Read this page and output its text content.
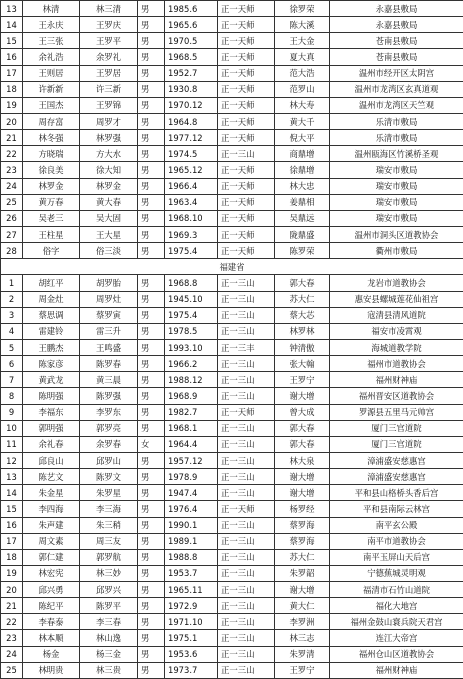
13	林清	林三清	男	1985.6	正一天师	徐罗荣	永嘉县敷局
14	王永庆	王罗庆	男	1965.6	正一天师	陈大溪	永嘉县敷局
15	王三张	王罗平	男	1970.5	正一天师	王大金	苍南县敷局
16	余礼浩	余罗礼	男	1968.5	正一天师	夏大真	苍南县敷局
17	王则居	王罗居	男	1952.7	正一天师	范大浩	温州市经开区太阴宫
18	许新新	许三新	男	1930.8	正一天师	范罗山	温州市龙湾区玄真道观
19	王国杰	王罗锦	男	1970.12	正一天师	林大寿	温州市龙湾区天竺观
20	周存富	周罗才	男	1964.8	正一天师	黄大千	乐清市敷局
21	林冬强	林罗强	男	1977.12	正一天师	倪大平	乐清市敷局
22	方晓瑞	方大水	男	1974.5	正一三山	商鼎增	温州瓯海区竹溪桥圣观
23	徐良美	徐大知	男	1965.12	正一天师	徐鼎增	瑞安市敷局
24	林罗金	林罗金	男	1966.4	正一天师	林大忠	瑞安市敷局
25	黄万春	黄大春	男	1963.4	正一天师	姜鼎相	瑞安市敷局
26	吴老三	吴大固	男	1968.10	正一天师	吴鼎远	瑞安市敷局
27	王柱星	王大星	男	1969.3	正一天师	陇鼎盛	温州市洞头区道教协会
28	俗字	俗三淡	男	1975.4	正一天师	陈罗荣	衢州市敷局
福建省							
1	胡红平	胡罗胎	男	1968.8	正一三山	郭大春	龙岩市道教协会
2	周金灶	周罗灶	男	1945.10	正一三山	苏大仁	惠安县螺城莲花仙祖宫
3	蔡思调	蔡罗寅	男	1975.4	正一三山	蔡大芯	寇清县清风道院
4	雷建铃	雷三升	男	1978.5	正一三山	林罗林	福安市凌霄观
5	王鹏杰	王鸣盛	男	1993.10	正一三丰	钟清傲	海城道教学院
6	陈家彦	陈罗春	男	1966.2	正一三山	张大翰	福州市道教协会
7	黄武龙	黄三晨	男	1988.12	正一三山	王罗宁	福州财神庙
8	陈明强	陈罗强	男	1968.9	正一三山	谢大增	福州晋安区道教协会
9	李福东	李罗东	男	1982.7	正一天师	曾大成	罗源县五里马元帅宫
10	郭明强	郭罗亮	男	1968.1	正一三山	郭大春	厦门三官道院
11	余礼春	余罗春	女	1964.4	正一三山	郭大春	厦门三官道院
12	邱良山	邱罗山	男	1957.12	正一三山	林大泉	漳浦盛安慈惠宫
13	陈艺文	陈罗文	男	1978.9	正一三山	谢大增	漳浦盛安慈惠宫
14	朱金星	朱罗星	男	1947.4	正一三山	谢大增	平和县山格桥头香后宫
15	李四海	李三海	男	1976.4	正一天师	杨罗经	平和县南际云林宫
16	朱声建	朱三稍	男	1990.1	正一三山	蔡罗海	南平玄公殿
17	周文素	周三友	男	1989.1	正一三山	蔡罗海	南平市道教协会
18	郭仁建	郭罗航	男	1988.8	正一三山	苏大仁	南平玉屏山天后宫
19	林宏宪	林三妙	男	1953.7	正一三山	朱罗韶	宁德蕉城灵明观
20	邱兴勇	邱罗兴	男	1965.11	正一三山	谢大增	福清市石竹山道院
21	陈纪平	陈罗平	男	1972.9	正一三山	黄大仁	福化大地宫
22	李春泰	李三春	男	1971.10	正一三山	李罗洲	福州金鼓山寰兵院天君宫
23	林本顺	林山逸	男	1975.1	正一三山	林三志	连江大帝宫
24	杨金	杨三金	男	1953.6	正一三山	朱罗清	福州仓山区道教协会
25	林明贵	林三贵	男	1973.7	正一三山	王罗宁	福州财神庙
